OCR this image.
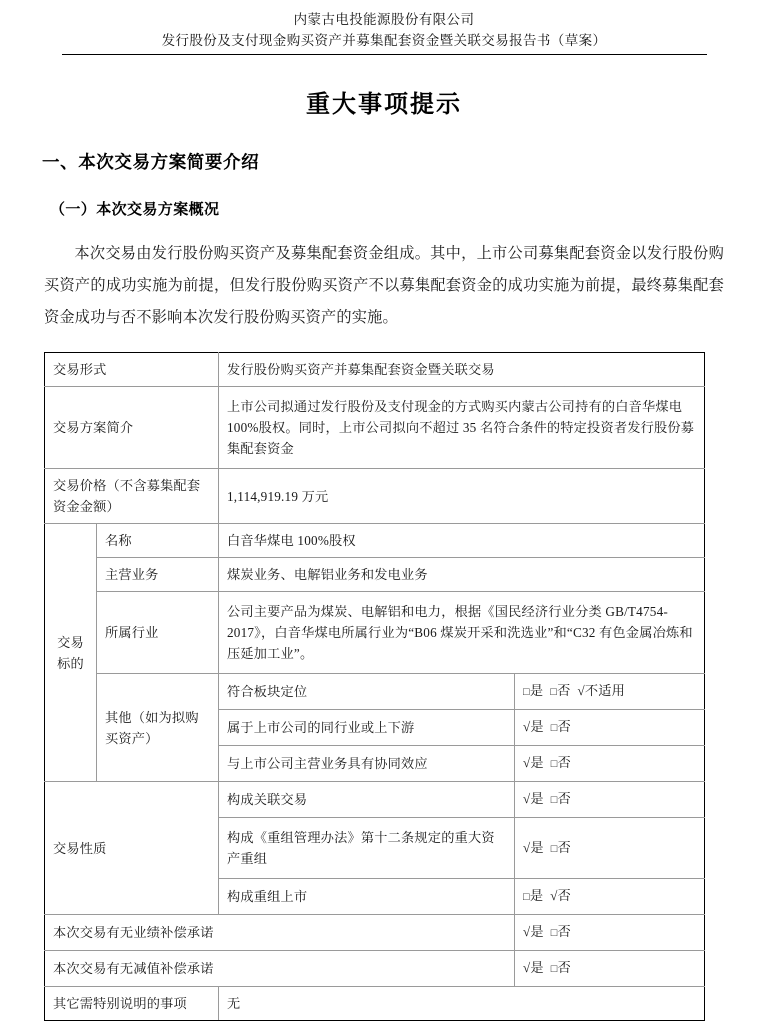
内蒙古电投能源股份有限公司
发行股份及支付现金购买资产并募集配套资金暨关联交易报告书（草案）
重大事项提示
一、本次交易方案简要介绍
（一）本次交易方案概况
本次交易由发行股份购买资产及募集配套资金组成。其中，上市公司募集配套资金以发行股份购买资产的成功实施为前提，但发行股份购买资产不以募集配套资金的成功实施为前提，最终募集配套资金成功与否不影响本次发行股份购买资产的实施。
交易形式		发行股份购买资产并募集配套资金暨关联交易	
交易方案简介		上市公司拟通过发行股份及支付现金的方式购买内蒙古公司持有的白音华煤电 100%股权。同时，上市公司拟向不超过 35 名符合条件的特定投资者发行股份募集配套资金	
交易价格（不含募集配套资金金额）		1,114,919.19 万元	
交易标的	名称	白音华煤电 100%股权	
	主营业务	煤炭业务、电解铝业务和发电业务	
	所属行业	公司主要产品为煤炭、电解铝和电力，根据《国民经济行业分类 GB/T4754-2017》，白音华煤电所属行业为“B06 煤炭开采和洗选业”和“C32 有色金属冶炼和压延加工业”。	
	其他（如为拟购买资产）	符合板块定位	□是 □否 √不适用
		属于上市公司的同行业或上下游	√是 □否
		与上市公司主营业务具有协同效应	√是 □否
交易性质		构成关联交易	√是 □否
		构成《重组管理办法》第十二条规定的重大资产重组	√是 □否
		构成重组上市	□是 √否
本次交易有无业绩补偿承诺			√是 □否
本次交易有无减值补偿承诺			√是 □否
其它需特别说明的事项		无	
